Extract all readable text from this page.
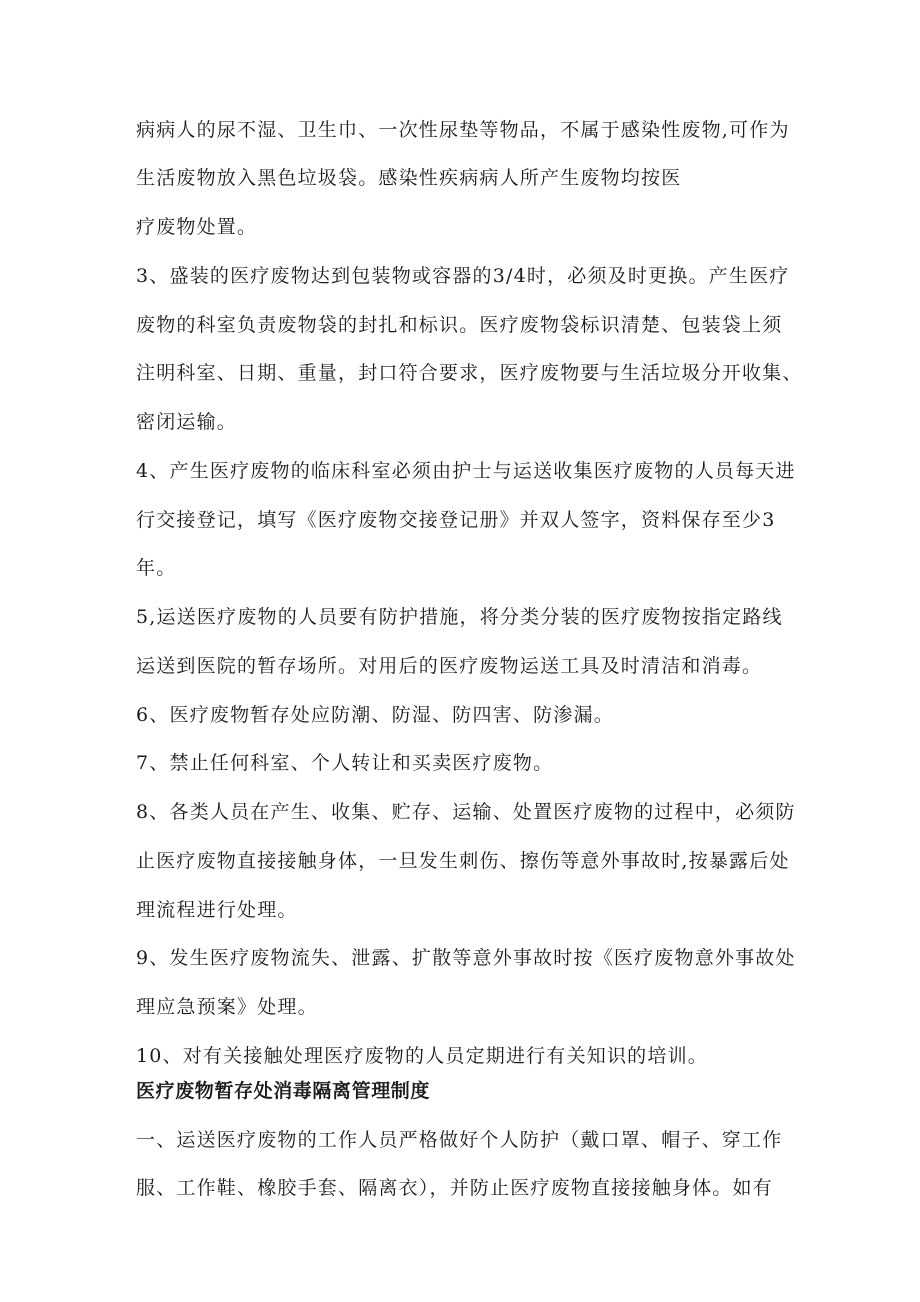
病病人的尿不湿、卫生巾、一次性尿垫等物品，不属于感染性废物,可作为
生活废物放入黑色垃圾袋。感染性疾病病人所产生废物均按医
疗废物处置。
3、盛装的医疗废物达到包装物或容器的3/4时，必须及时更换。产生医疗
废物的科室负责废物袋的封扎和标识。医疗废物袋标识清楚、包装袋上须
注明科室、日期、重量，封口符合要求，医疗废物要与生活垃圾分开收集、
密闭运输。
4、产生医疗废物的临床科室必须由护士与运送收集医疗废物的人员每天进
行交接登记，填写《医疗废物交接登记册》并双人签字，资料保存至少3
年。
5,运送医疗废物的人员要有防护措施，将分类分装的医疗废物按指定路线
运送到医院的暂存场所。对用后的医疗废物运送工具及时清洁和消毒。
6、医疗废物暂存处应防潮、防湿、防四害、防渗漏。
7、禁止任何科室、个人转让和买卖医疗废物。
8、各类人员在产生、收集、贮存、运输、处置医疗废物的过程中，必须防
止医疗废物直接接触身体，一旦发生刺伤、擦伤等意外事故时,按暴露后处
理流程进行处理。
9、发生医疗废物流失、泄露、扩散等意外事故时按《医疗废物意外事故处
理应急预案》处理。
10、对有关接触处理医疗废物的人员定期进行有关知识的培训。
医疗废物暂存处消毒隔离管理制度
一、运送医疗废物的工作人员严格做好个人防护（戴口罩、帽子、穿工作
服、工作鞋、橡胶手套、隔离衣），并防止医疗废物直接接触身体。如有
